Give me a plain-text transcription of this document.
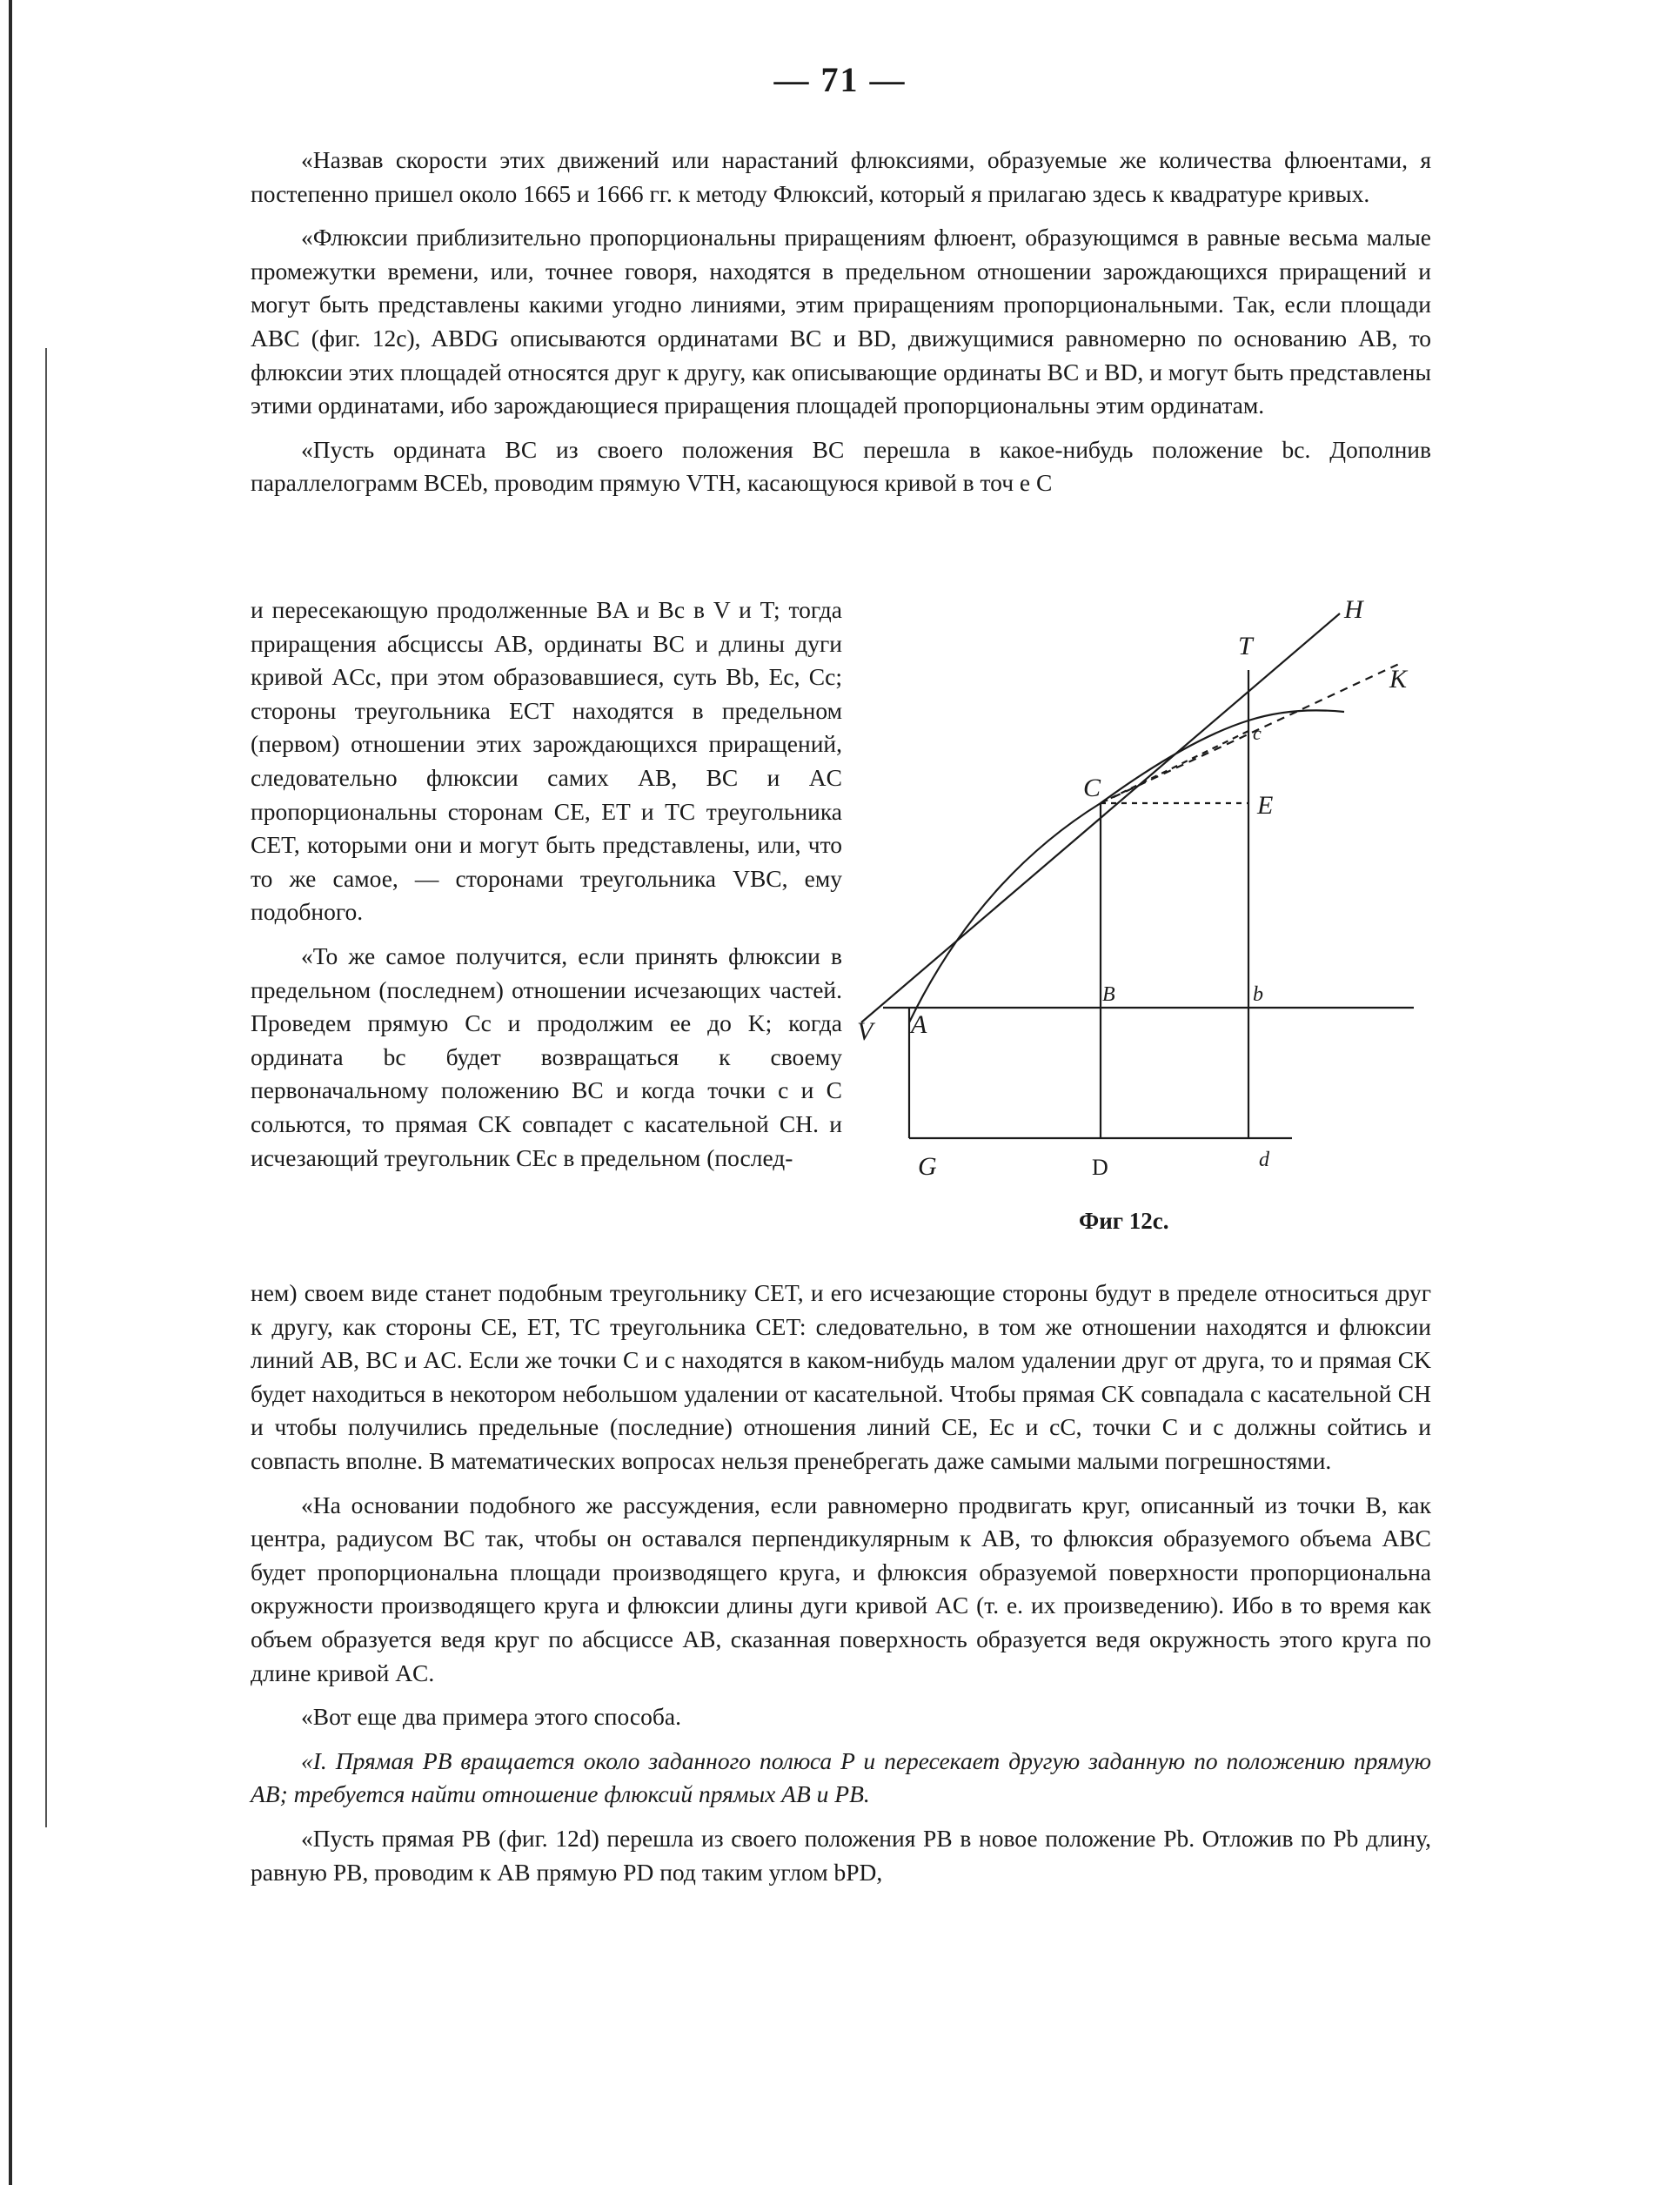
— 71 —

«Назвав скорости этих движений или нарастаний флюксиями, образуемые же количества флюентами, я постепенно пришел около 1665 и 1666 гг. к методу Флюксий, который я прилагаю здесь к квадратуре кривых.

«Флюксии приблизительно пропорциональны приращениям флюент, образующимся в равные весьма малые промежутки времени, или, точнее говоря, находятся в предельном отношении зарождающихся приращений и могут быть представлены какими угодно линиями, этим приращениям пропорциональными. Так, если площади ABC (фиг. 12с), ABDG описываются ординатами BC и BD, движущимися равномерно по основанию AB, то флюксии этих площадей относятся друг к другу, как описывающие ординаты BC и BD, и могут быть представлены этими ординатами, ибо зарождающиеся приращения площадей пропорциональны этим ординатам.

«Пусть ордината BC из своего положения BC перешла в какое-нибудь положение bc. Дополнив параллелограмм BCEb, проводим прямую VTH, касающуюся кривой в точ е C

и пересекающую продолженные BA и Bc в V и T; тогда приращения абсциссы AB, ординаты BC и длины дуги кривой ACc, при этом образовавшиеся, суть Bb, Ec, Cc; стороны треугольника ECT находятся в предельном (первом) отношении этих зарождающихся приращений, следовательно флюксии самих AB, BC и AC пропорциональны сторонам CE, ET и TC треугольника CET, которыми они и могут быть представлены, или, что то же самое, — сторонами треугольника VBC, ему подобного.

«То же самое получится, если принять флюксии в предельном (последнем) отношении исчезающих частей. Проведем прямую Cc и продолжим ее до K; когда ордината bc будет возвращаться к своему первоначальному положению BC и когда точки c и C сольются, то прямая CK совпадет с касательной CH. и исчезающий треугольник CEc в предельном (послед-

H
T
K
c
C
E
B	b
V A
G	D	d
Фиг 12с.

нем) своем виде станет подобным треугольнику CET, и его исчезающие стороны будут в пределе относиться друг к другу, как стороны CE, ET, TC треугольника CET: следовательно, в том же отношении находятся и флюксии линий AB, BC и AC. Если же точки C и c находятся в каком-нибудь малом удалении друг от друга, то и прямая CK будет находиться в некотором небольшом удалении от касательной. Чтобы прямая CK совпадала с касательной CH и чтобы получились предельные (последние) отношения линий CE, Ec и cC, точки C и c должны сойтись и совпасть вполне. В математических вопросах нельзя пренебрегать даже самыми малыми погрешностями.

«На основании подобного же рассуждения, если равномерно продвигать круг, описанный из точки B, как центра, радиусом BC так, чтобы он оставался перпендикулярным к AB, то флюксия образуемого объема ABC будет пропорциональна площади производящего круга, и флюксия образуемой поверхности пропорциональна окружности производящего круга и флюксии длины дуги кривой AC (т. е. их произведению). Ибо в то время как объем образуется ведя круг по абсциссе AB, сказанная поверхность образуется ведя окружность этого круга по длине кривой AC.

«Вот еще два примера этого способа.

«I. Прямая PB вращается около заданного полюса P и пересекает другую заданную по положению прямую AB; требуется найти отношение флюксий прямых AB и PB.

«Пусть прямая PB (фиг. 12d) перешла из своего положения PB в новое положение Pb. Отложив по Pb длину, равную PB, проводим к AB прямую PD под таким углом bPD,
